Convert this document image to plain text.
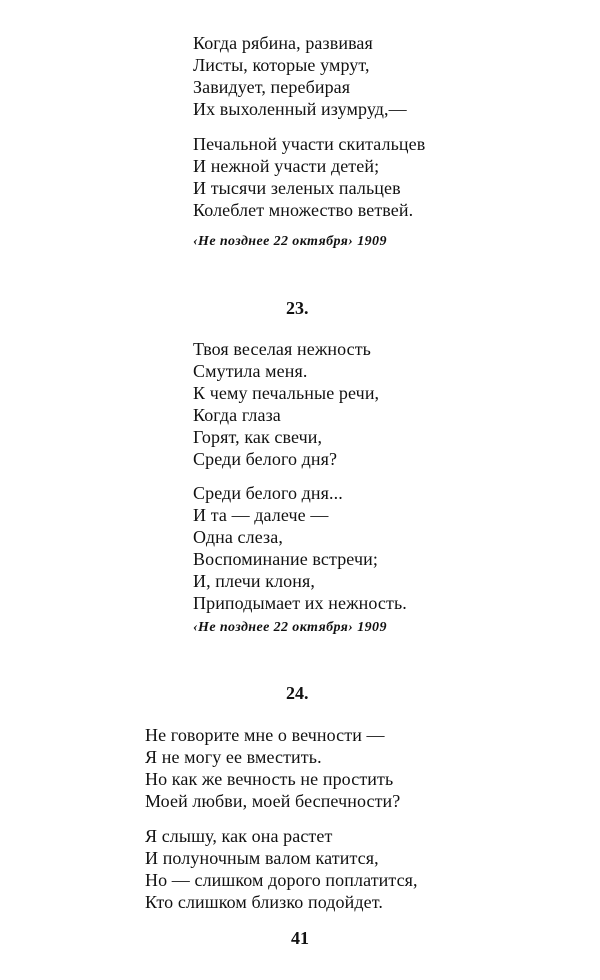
Когда рябина, развивая
Листы, которые умрут,
Завидует, перебирая
Их выхоленный изумруд,—
Печальной участи скитальцев
И нежной участи детей;
И тысячи зеленых пальцев
Колеблет множество ветвей.
‹Не позднее 22 октября› 1909
23.
Твоя веселая нежность
Смутила меня.
К чему печальные речи,
Когда глаза
Горят, как свечи,
Среди белого дня?
Среди белого дня...
И та — далече —
Одна слеза,
Воспоминание встречи;
И, плечи клоня,
Приподымает их нежность.
‹Не позднее 22 октября› 1909
24.
Не говорите мне о вечности —
Я не могу ее вместить.
Но как же вечность не простить
Моей любви, моей беспечности?
Я слышу, как она растет
И полуночным валом катится,
Но — слишком дорого поплатится,
Кто слишком близко подойдет.
41
